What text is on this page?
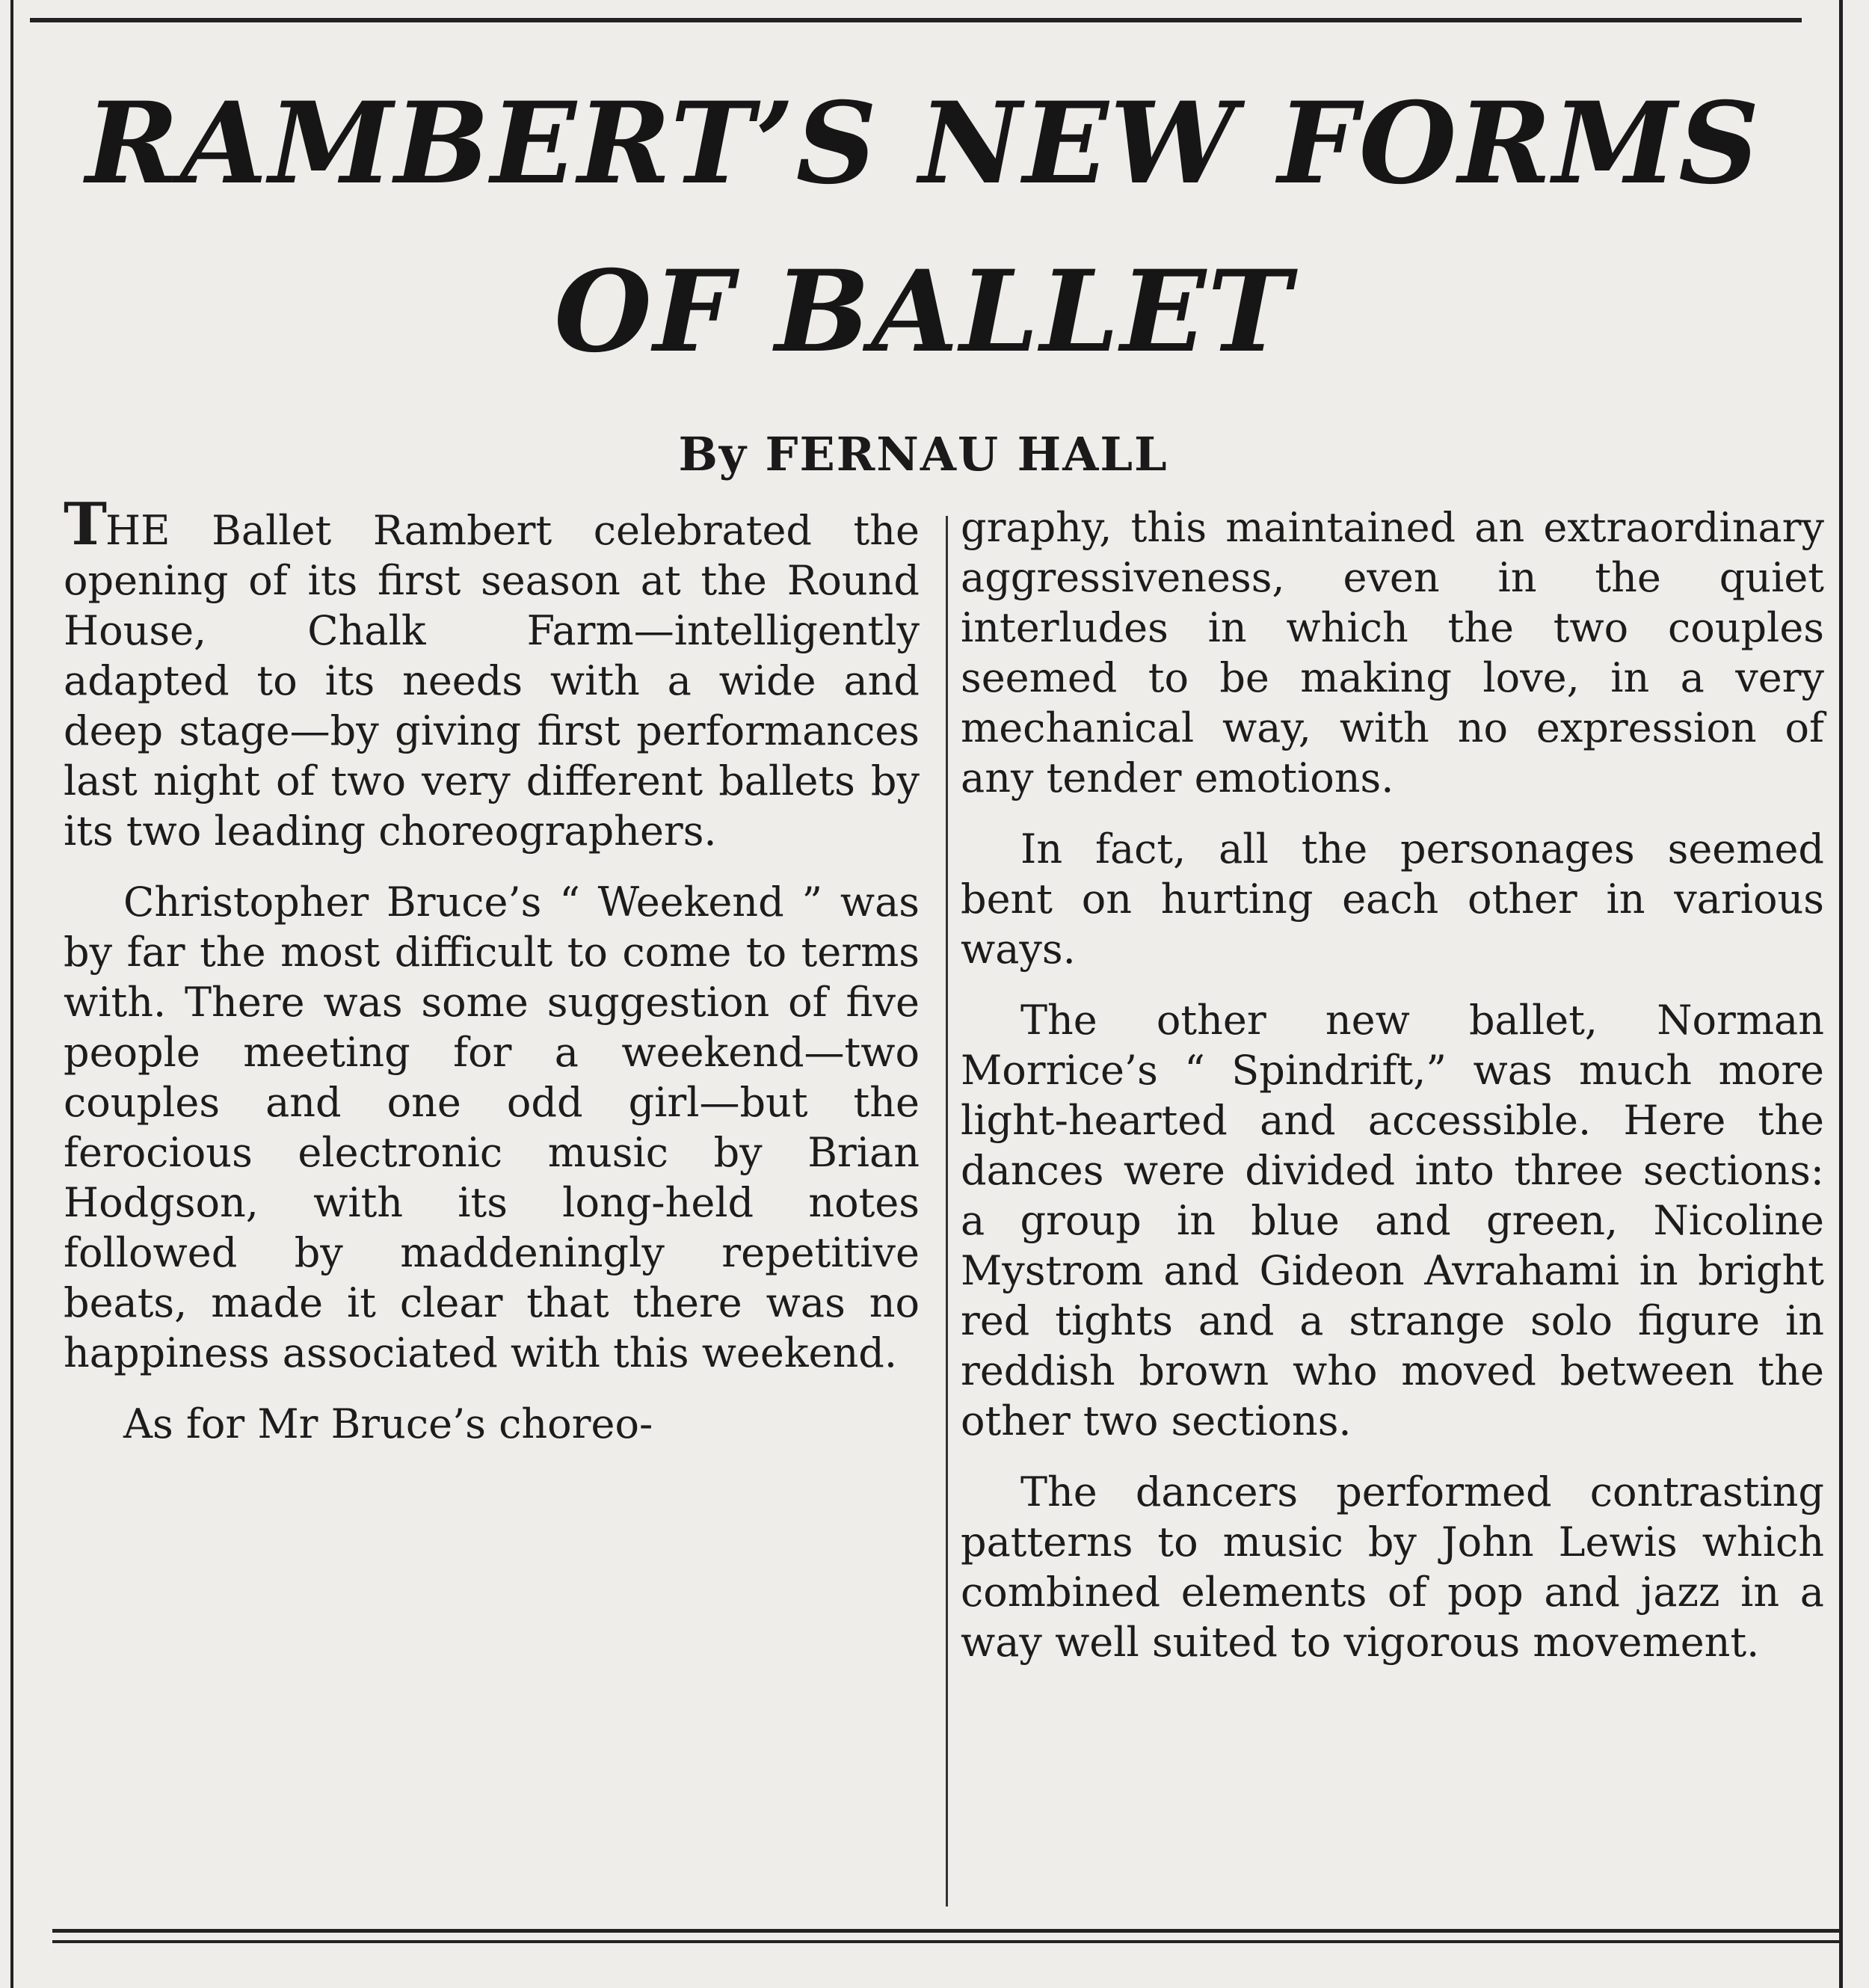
RAMBERT’S NEW FORMS
OF BALLET
By FERNAU HALL

THE Ballet Rambert celebrated the opening of its first season at the Round House, Chalk Farm—intelligently adapted to its needs with a wide and deep stage—by giving first performances last night of two very different ballets by its two leading choreographers.

Christopher Bruce’s “ Weekend ” was by far the most difficult to come to terms with. There was some suggestion of five people meeting for a weekend—two couples and one odd girl—but the ferocious electronic music by Brian Hodgson, with its long-held notes followed by maddeningly repetitive beats, made it clear that there was no happiness associated with this weekend.

As for Mr Bruce’s choreo-

graphy, this maintained an extraordinary aggressiveness, even in the quiet interludes in which the two couples seemed to be making love, in a very mechanical way, with no expression of any tender emotions.

In fact, all the personages seemed bent on hurting each other in various ways.

The other new ballet, Norman Morrice’s “ Spindrift,” was much more light-hearted and accessible. Here the dances were divided into three sections: a group in blue and green, Nicoline Mystrom and Gideon Avrahami in bright red tights and a strange solo figure in reddish brown who moved between the other two sections.

The dancers performed contrasting patterns to music by John Lewis which combined elements of pop and jazz in a way well suited to vigorous movement.
